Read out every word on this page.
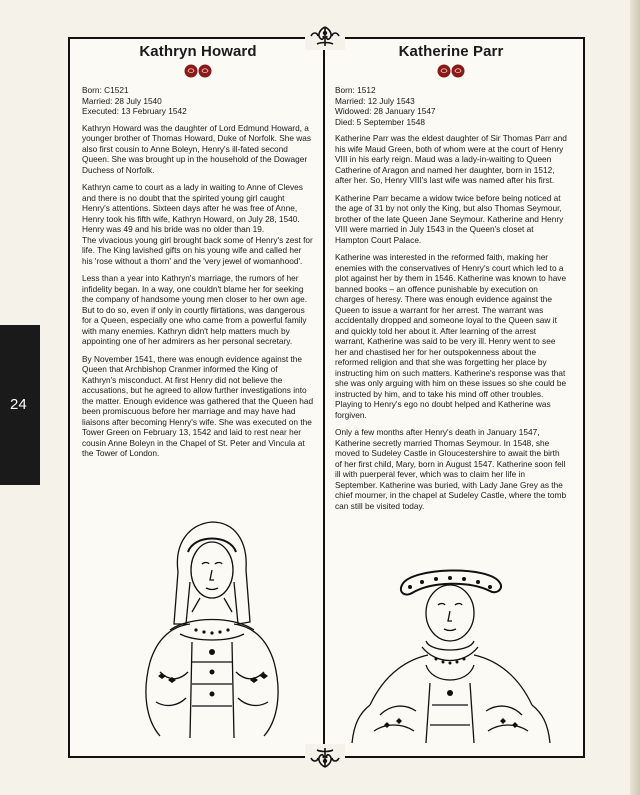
24
Kathryn Howard
Born: C1521
Married: 28 July 1540
Executed: 13 February 1542

Kathryn Howard was the daughter of Lord Edmund Howard, a younger brother of Thomas Howard, Duke of Norfolk. She was also first cousin to Anne Boleyn, Henry's ill-fated second Queen. She was brought up in the household of the Dowager Duchess of Norfolk.

Kathryn came to court as a lady in waiting to Anne of Cleves and there is no doubt that the spirited young girl caught Henry's attentions. Sixteen days after he was free of Anne, Henry took his fifth wife, Kathryn Howard, on July 28, 1540. Henry was 49 and his bride was no older than 19.

The vivacious young girl brought back some of Henry's zest for life. The King lavished gifts on his young wife and called her his 'rose without a thorn' and the 'very jewel of womanhood'.

Less than a year into Kathryn's marriage, the rumors of her infidelity began. In a way, one couldn't blame her for seeking the company of handsome young men closer to her own age. But to do so, even if only in courtly flirtations, was dangerous for a Queen, especially one who came from a powerful family with many enemies. Kathryn didn't help matters much by appointing one of her admirers as her personal secretary.

By November 1541, there was enough evidence against the Queen that Archbishop Cranmer informed the King of Kathryn's misconduct. At first Henry did not believe the accusations, but he agreed to allow further investigations into the matter. Enough evidence was gathered that the Queen had been promiscuous before her marriage and may have had liaisons after becoming Henry's wife. She was executed on the Tower Green on February 13, 1542 and laid to rest near her cousin Anne Boleyn in the Chapel of St. Peter and Vincula at the Tower of London.

Katherine Parr
Born: 1512
Married: 12 July 1543
Widowed: 28 January 1547
Died: 5 September 1548

Katherine Parr was the eldest daughter of Sir Thomas Parr and his wife Maud Green, both of whom were at the court of Henry VIII in his early reign. Maud was a lady-in-waiting to Queen Catherine of Aragon and named her daughter, born in 1512, after her. So, Henry VIII's last wife was named after his first.

Katherine Parr became a widow twice before being noticed at the age of 31 by not only the King, but also Thomas Seymour, brother of the late Queen Jane Seymour. Katherine and Henry VIII were married in July 1543 in the Queen's closet at Hampton Court Palace.

Katherine was interested in the reformed faith, making her enemies with the conservatives of Henry's court which led to a plot against her by them in 1546. Katherine was known to have banned books – an offence punishable by execution on charges of heresy. There was enough evidence against the Queen to issue a warrant for her arrest. The warrant was accidentally dropped and someone loyal to the Queen saw it and quickly told her about it. After learning of the arrest warrant, Katherine was said to be very ill. Henry went to see her and chastised her for her outspokenness about the reformed religion and that she was forgetting her place by instructing him on such matters. Katherine's response was that she was only arguing with him on these issues so she could be instructed by him, and to take his mind off other troubles. Playing to Henry's ego no doubt helped and Katherine was forgiven.

Only a few months after Henry's death in January 1547, Katherine secretly married Thomas Seymour. In 1548, she moved to Sudeley Castle in Gloucestershire to await the birth of her first child, Mary, born in August 1547. Katherine soon fell ill with puerperal fever, which was to claim her life in September. Katherine was buried, with Lady Jane Grey as the chief mourner, in the chapel at Sudeley Castle, where the tomb can still be visited today.
